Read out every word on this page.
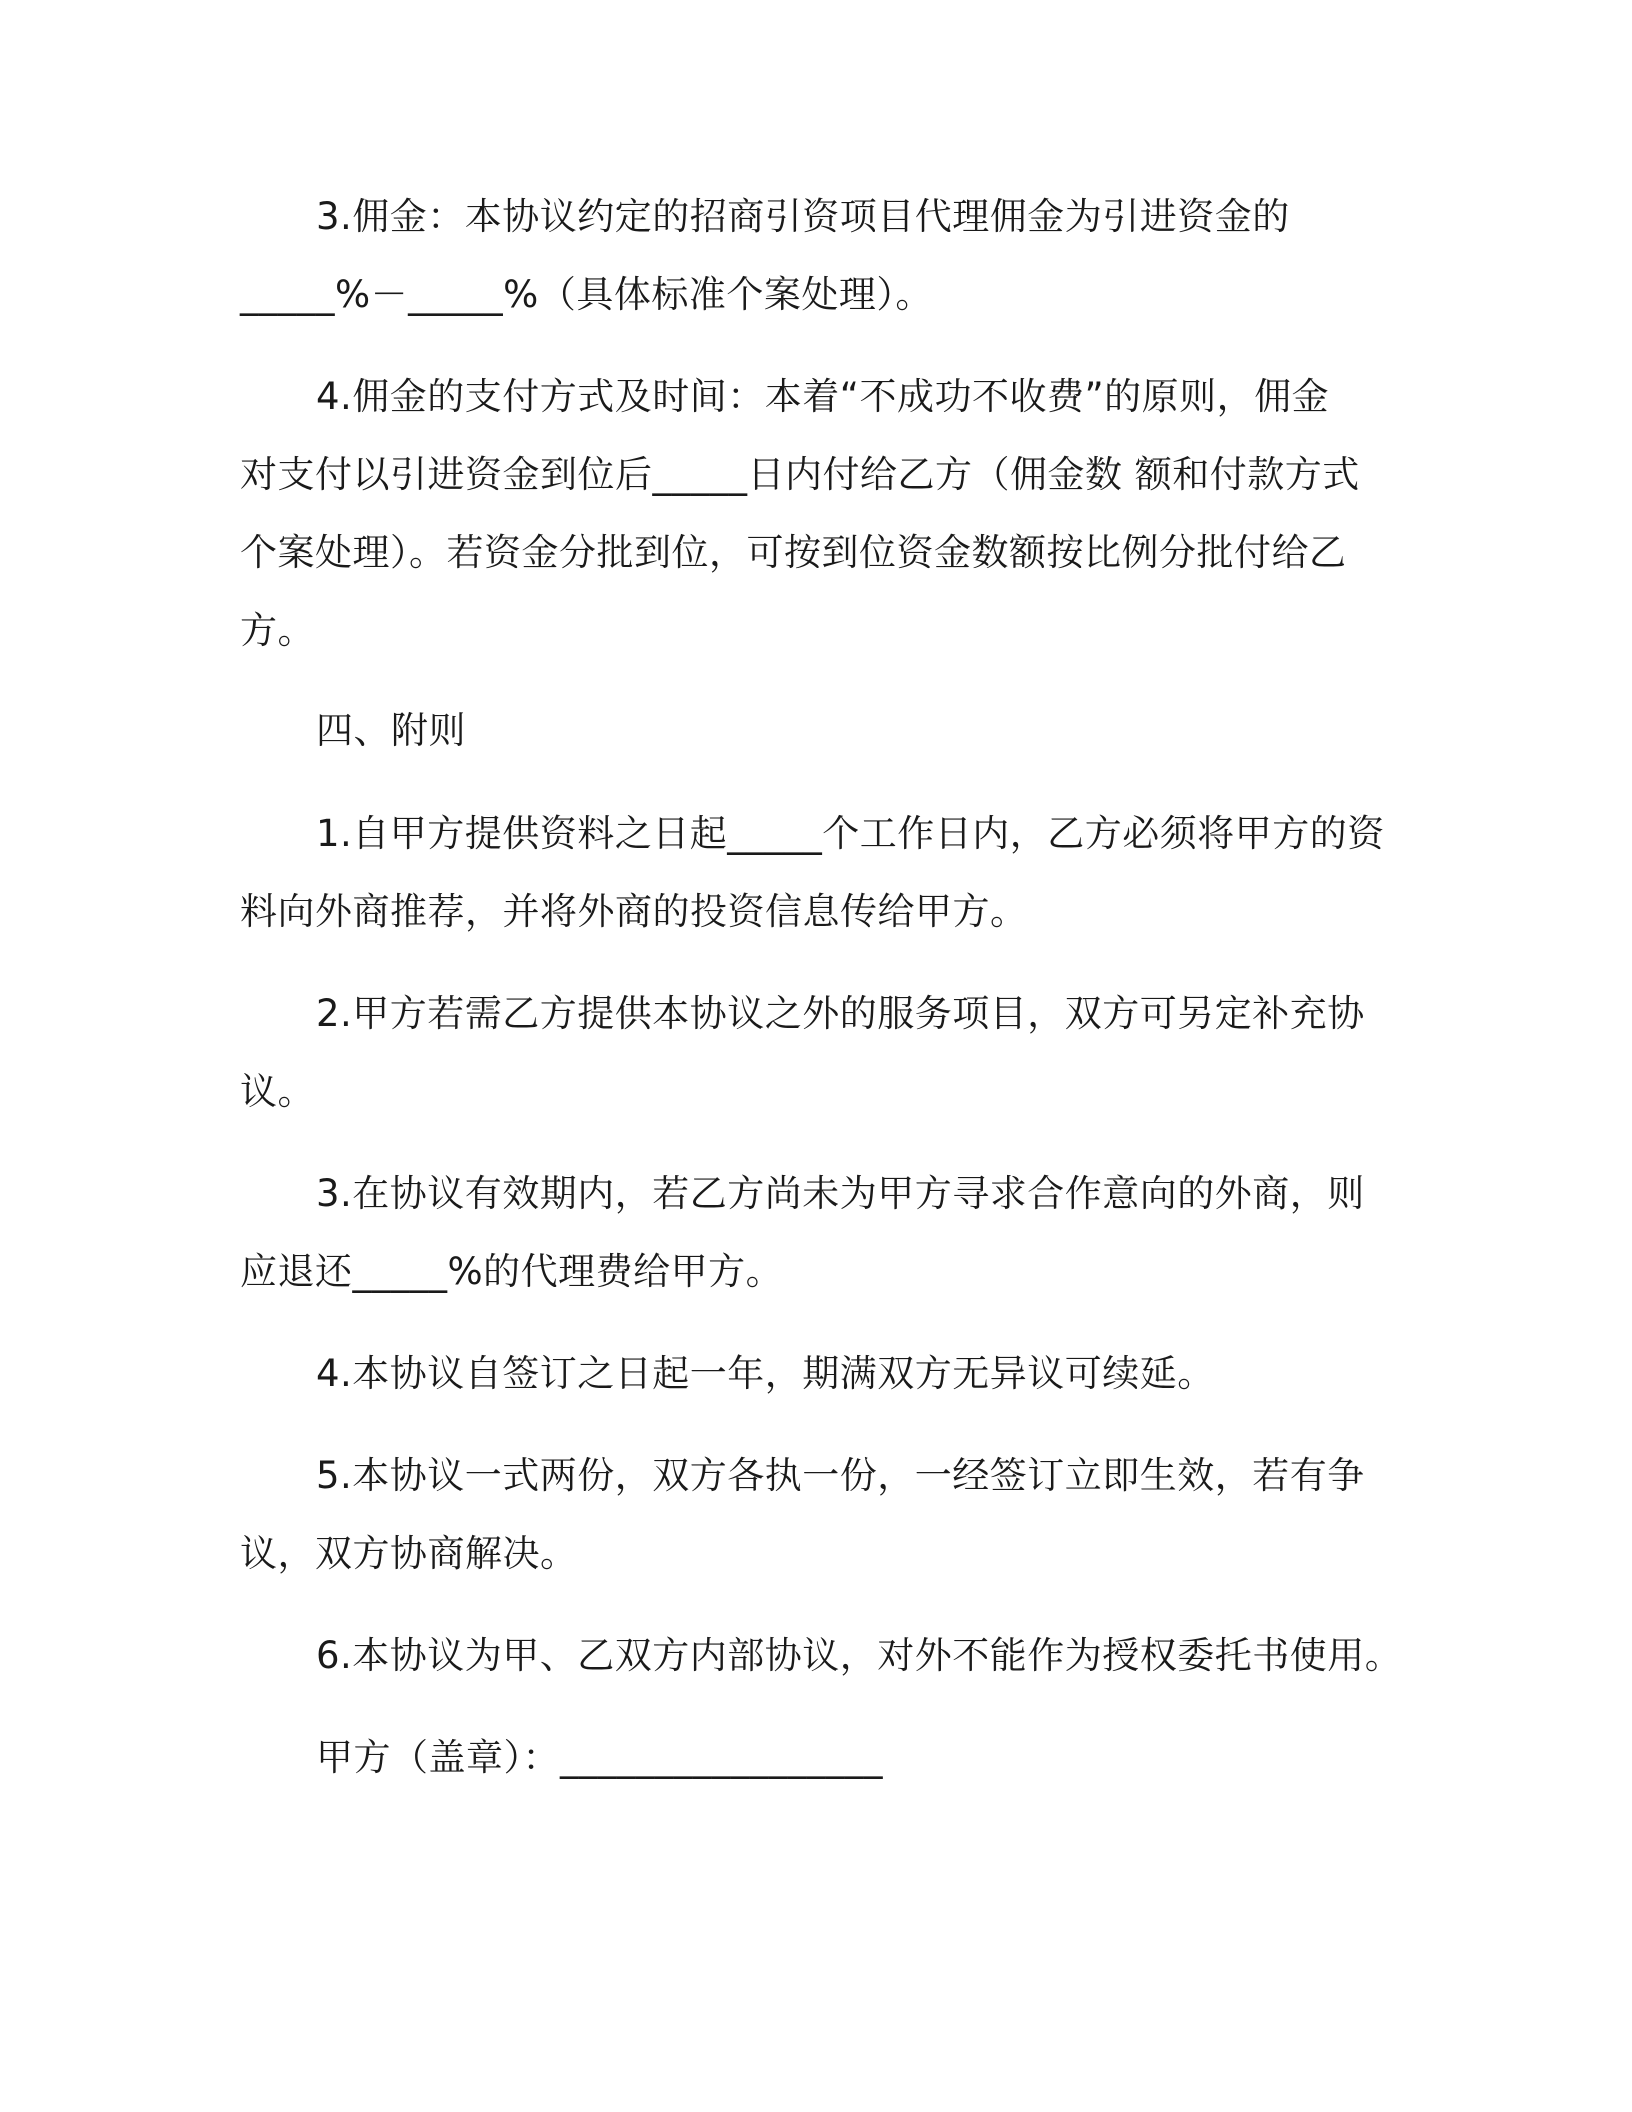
3.佣金：本协议约定的招商引资项目代理佣金为引进资金的
_____%－_____%（具体标准个案处理）。

4.佣金的支付方式及时间：本着“不成功不收费”的原则，佣金
对支付以引进资金到位后_____日内付给乙方（佣金数 额和付款方式
个案处理）。若资金分批到位，可按到位资金数额按比例分批付给乙
方。

四、附则

1.自甲方提供资料之日起_____个工作日内，乙方必须将甲方的资
料向外商推荐，并将外商的投资信息传给甲方。

2.甲方若需乙方提供本协议之外的服务项目，双方可另定补充协
议。

3.在协议有效期内，若乙方尚未为甲方寻求合作意向的外商，则
应退还_____%的代理费给甲方。

4.本协议自签订之日起一年，期满双方无异议可续延。

5.本协议一式两份，双方各执一份，一经签订立即生效，若有争
议，双方协商解决。

6.本协议为甲、乙双方内部协议，对外不能作为授权委托书使用。

甲方（盖章）：_________________
